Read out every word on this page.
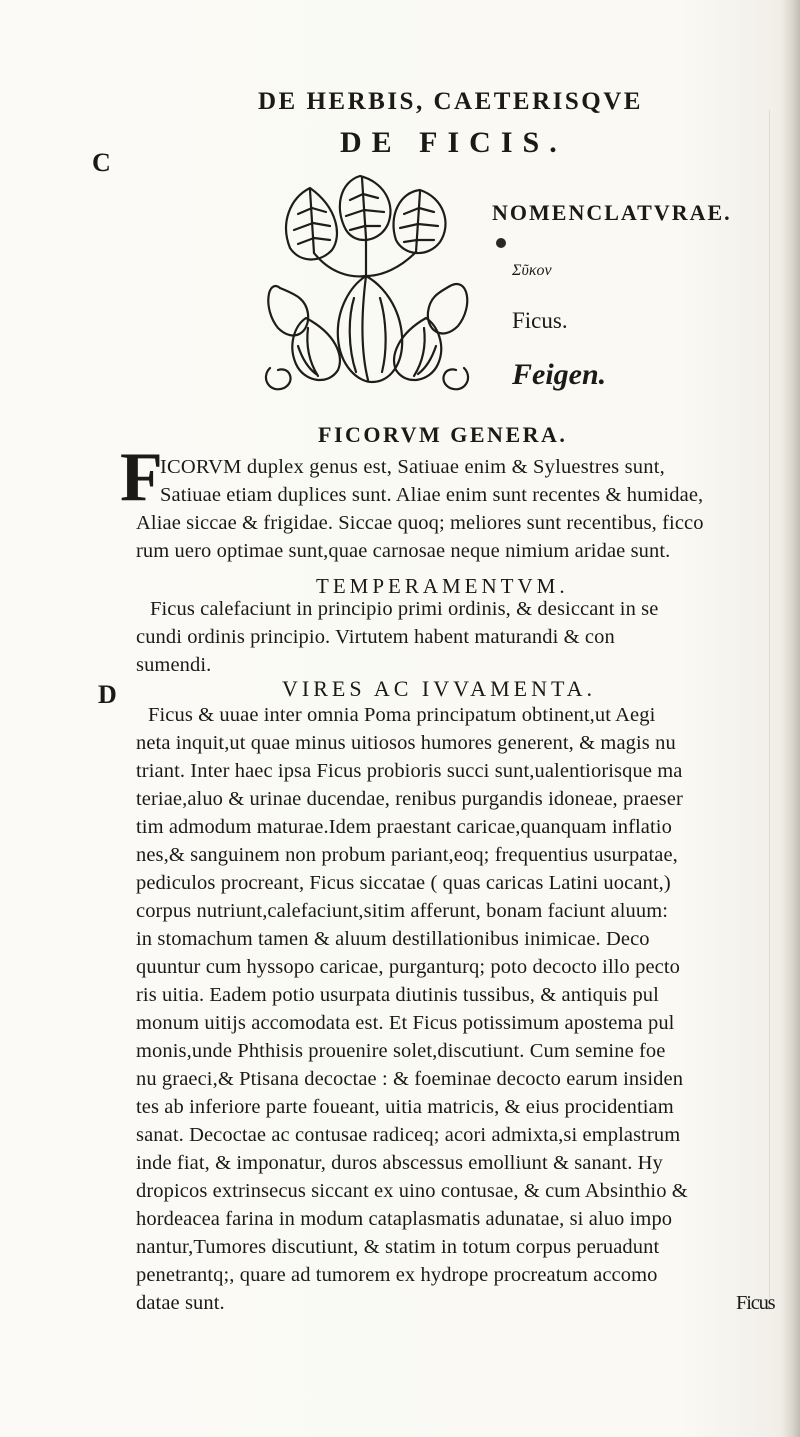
C
D
DE HERBIS, CAETERISQVE
DE FICIS.
NOMENCLATVRAE.
Σῦκον
Ficus.
Feigen.
FICORVM GENERA.
F
ICORVM duplex genus est, Satiuae enim & Syluestres sunt,
Satiuae etiam duplices sunt. Aliae enim sunt recentes & humidae,
Aliae siccae & frigidae. Siccae quoq; meliores sunt recentibus, ficco
rum uero optimae sunt,quae carnosae neque nimium aridae sunt.
TEMPERAMENTVM.
Ficus calefaciunt in principio primi ordinis, & desiccant in se
cundi ordinis principio. Virtutem habent maturandi & con
sumendi.
VIRES AC IVVAMENTA.
Ficus & uuae inter omnia Poma principatum obtinent,ut Aegi
neta inquit,ut quae minus uitiosos humores generent, & magis nu
triant. Inter haec ipsa Ficus probioris succi sunt,ualentiorisque ma
teriae,aluo & urinae ducendae, renibus purgandis idoneae, praeser
tim admodum maturae.Idem praestant caricae,quanquam inflatio
nes,& sanguinem non probum pariant,eoq; frequentius usurpatae,
pediculos procreant, Ficus siccatae ( quas caricas Latini uocant,)
corpus nutriunt,calefaciunt,sitim afferunt, bonam faciunt aluum:
in stomachum tamen & aluum destillationibus inimicae. Deco
quuntur cum hyssopo caricae, purganturq; poto decocto illo pecto
ris uitia. Eadem potio usurpata diutinis tussibus, & antiquis pul
monum uitijs accomodata est. Et Ficus potissimum apostema pul
monis,unde Phthisis prouenire solet,discutiunt. Cum semine foe
nu graeci,& Ptisana decoctae : & foeminae decocto earum insiden
tes ab inferiore parte foueant, uitia matricis, & eius procidentiam
sanat. Decoctae ac contusae radiceq; acori admixta,si emplastrum
inde fiat, & imponatur, duros abscessus emolliunt & sanant. Hy
dropicos extrinsecus siccant ex uino contusae, & cum Absinthio &
hordeacea farina in modum cataplasmatis adunatae, si aluo impo
nantur,Tumores discutiunt, & statim in totum corpus peruadunt
penetrantq;, quare ad tumorem ex hydrope procreatum accomo
datae sunt.	Ficus
